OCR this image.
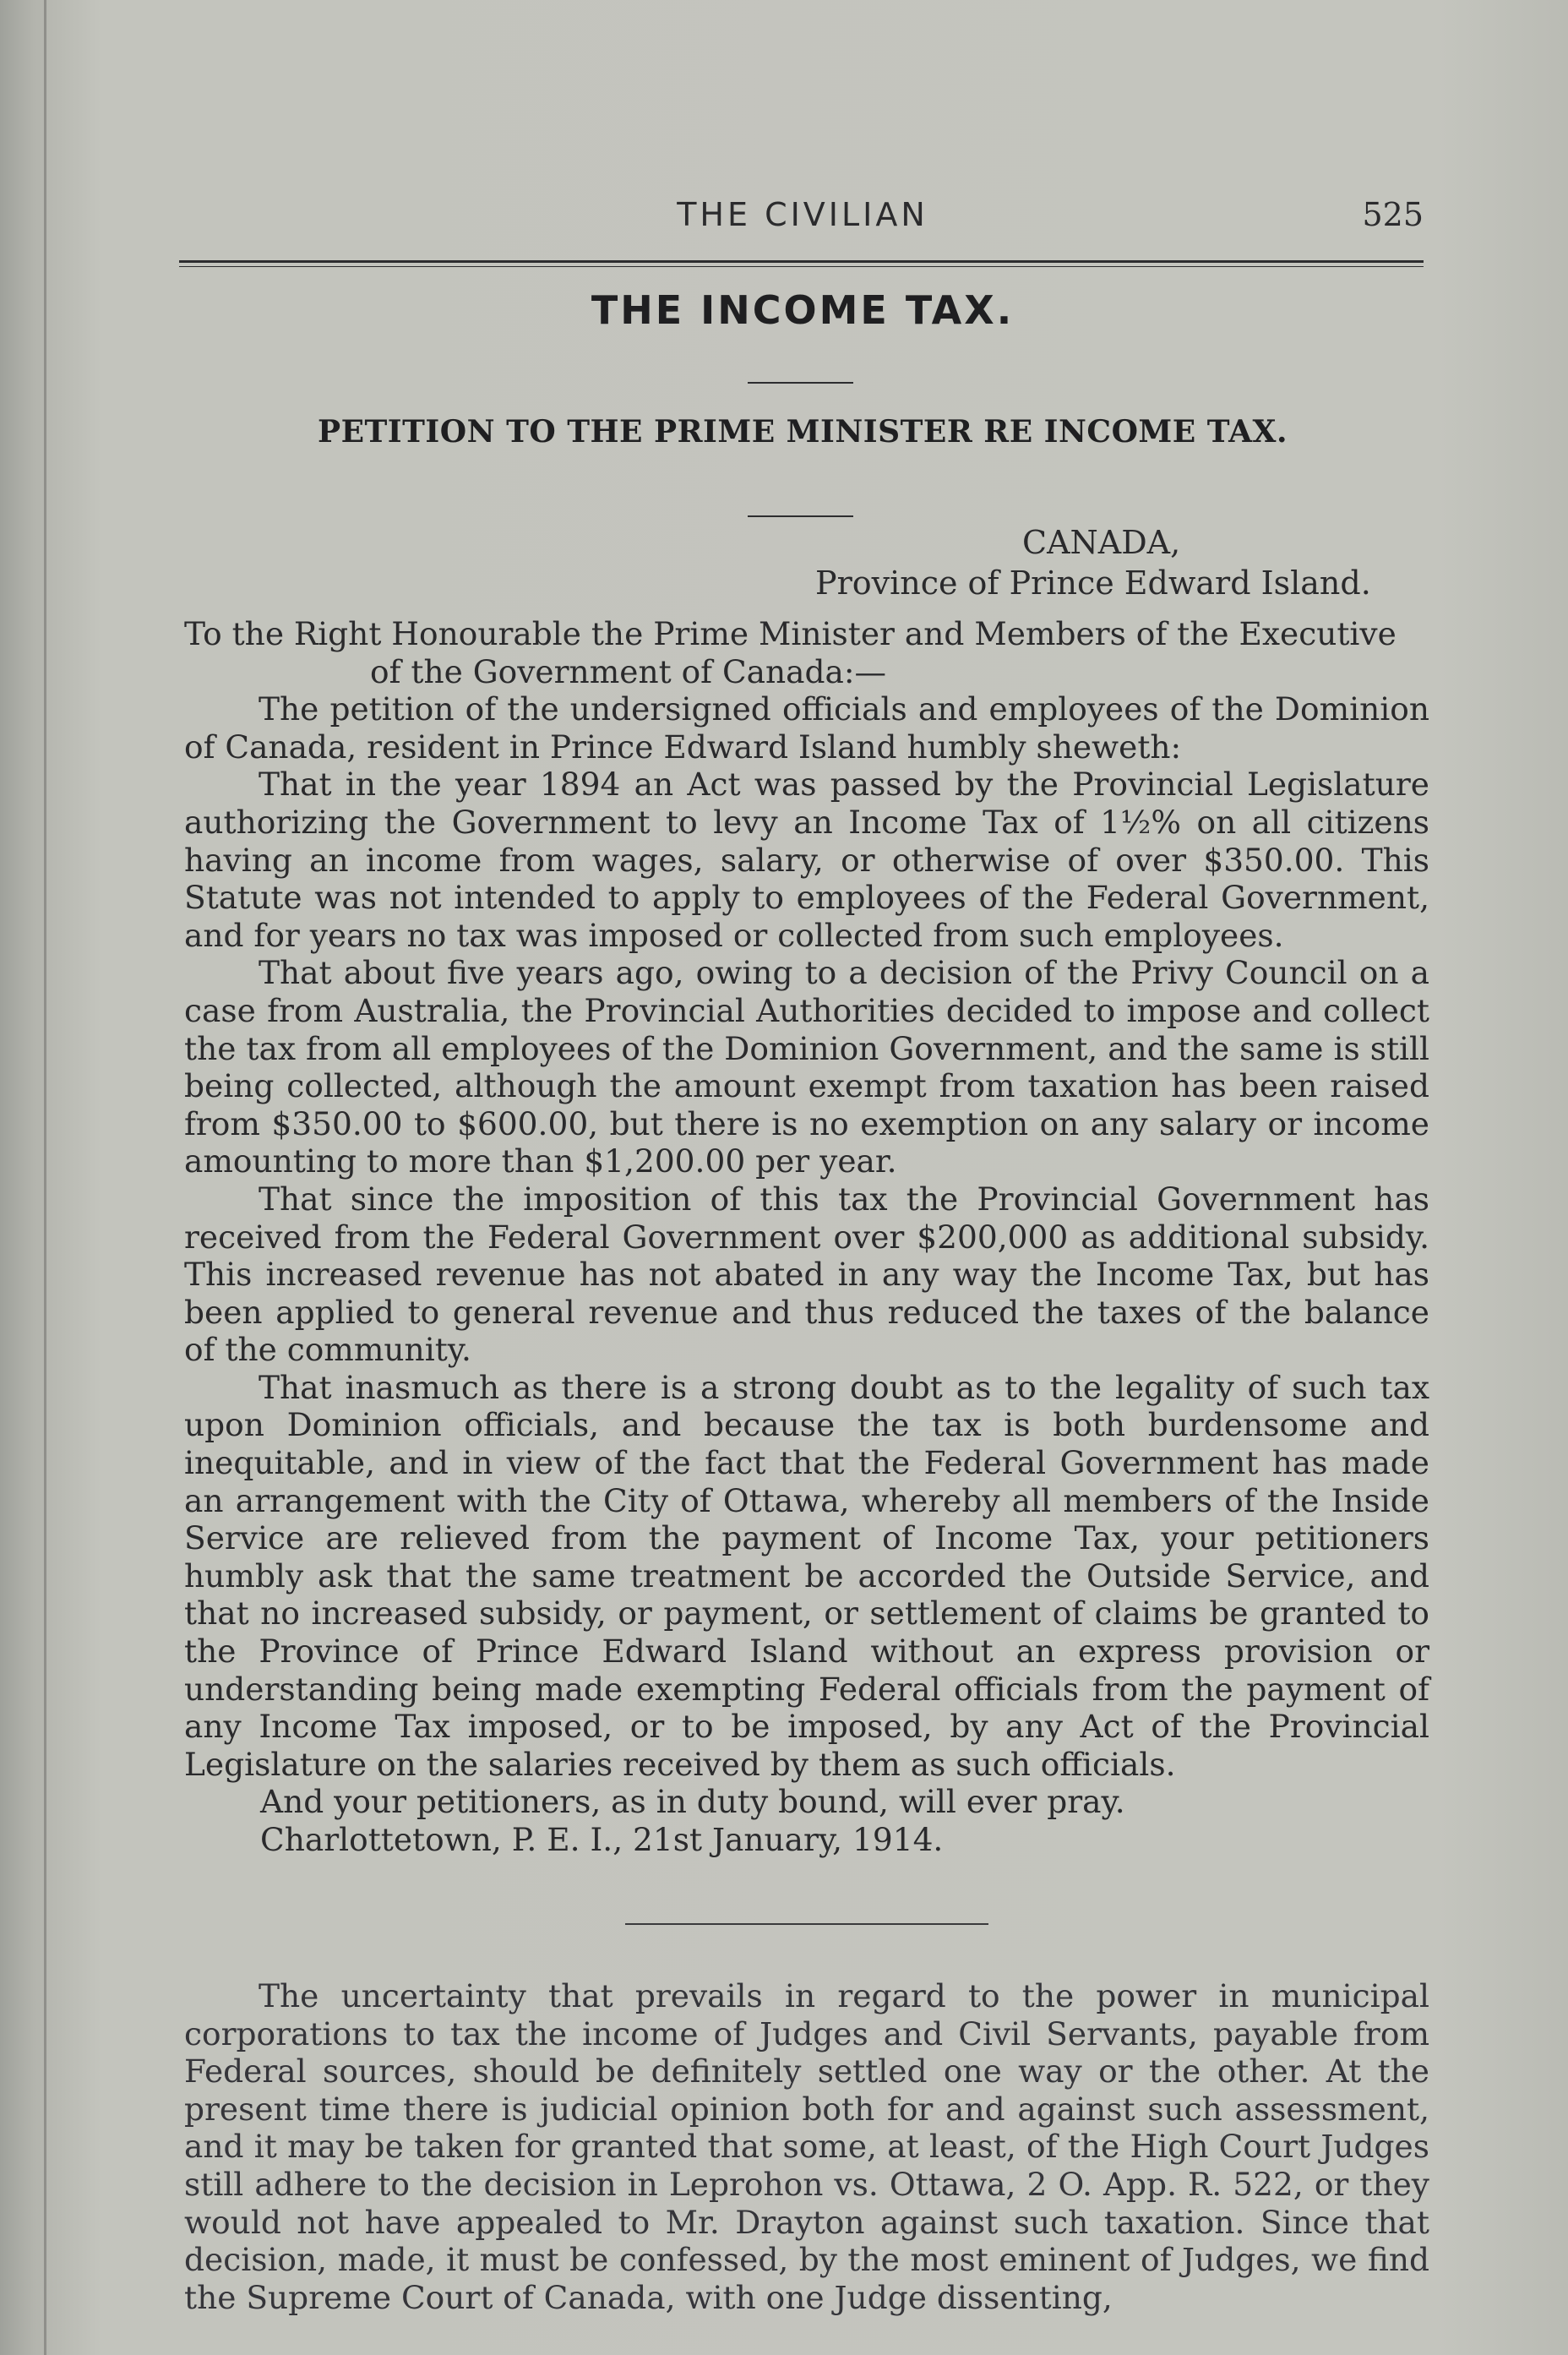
THE CIVILIAN	525
THE INCOME TAX.
PETITION TO THE PRIME MINISTER RE INCOME TAX.
CANADA,
Province of Prince Edward Island.

To the Right Honourable the Prime Minister and Members of the Executive
of the Government of Canada:—

The petition of the undersigned officials and employees of the Dominion of Canada, resident in Prince Edward Island humbly sheweth:

That in the year 1894 an Act was passed by the Provincial Legislature authorizing the Government to levy an Income Tax of 1½% on all citizens having an income from wages, salary, or otherwise of over $350.00. This Statute was not intended to apply to employees of the Federal Government, and for years no tax was imposed or collected from such employees.

That about five years ago, owing to a decision of the Privy Council on a case from Australia, the Provincial Authorities decided to impose and collect the tax from all employees of the Dominion Government, and the same is still being collected, although the amount exempt from taxation has been raised from $350.00 to $600.00, but there is no exemption on any salary or income amounting to more than $1,200.00 per year.

That since the imposition of this tax the Provincial Government has received from the Federal Government over $200,000 as additional subsidy. This increased revenue has not abated in any way the Income Tax, but has been applied to general revenue and thus reduced the taxes of the balance of the community.

That inasmuch as there is a strong doubt as to the legality of such tax upon Dominion officials, and because the tax is both burdensome and inequitable, and in view of the fact that the Federal Government has made an arrangement with the City of Ottawa, whereby all members of the Inside Service are relieved from the payment of Income Tax, your petitioners humbly ask that the same treatment be accorded the Outside Service, and that no increased subsidy, or payment, or settlement of claims be granted to the Province of Prince Edward Island without an express provision or understanding being made exempting Federal officials from the payment of any Income Tax imposed, or to be imposed, by any Act of the Provincial Legislature on the salaries received by them as such officials.

And your petitioners, as in duty bound, will ever pray.

Charlottetown, P. E. I., 21st January, 1914.

The uncertainty that prevails in regard to the power in municipal corporations to tax the income of Judges and Civil Servants, payable from Federal sources, should be definitely settled one way or the other. At the present time there is judicial opinion both for and against such assessment, and it may be taken for granted that some, at least, of the High Court Judges still adhere to the decision in Leprohon vs. Ottawa, 2 O. App. R. 522, or they would not have appealed to Mr. Drayton against such taxation. Since that decision, made, it must be confessed, by the most eminent of Judges, we find the Supreme Court of Canada, with one Judge dissenting,
